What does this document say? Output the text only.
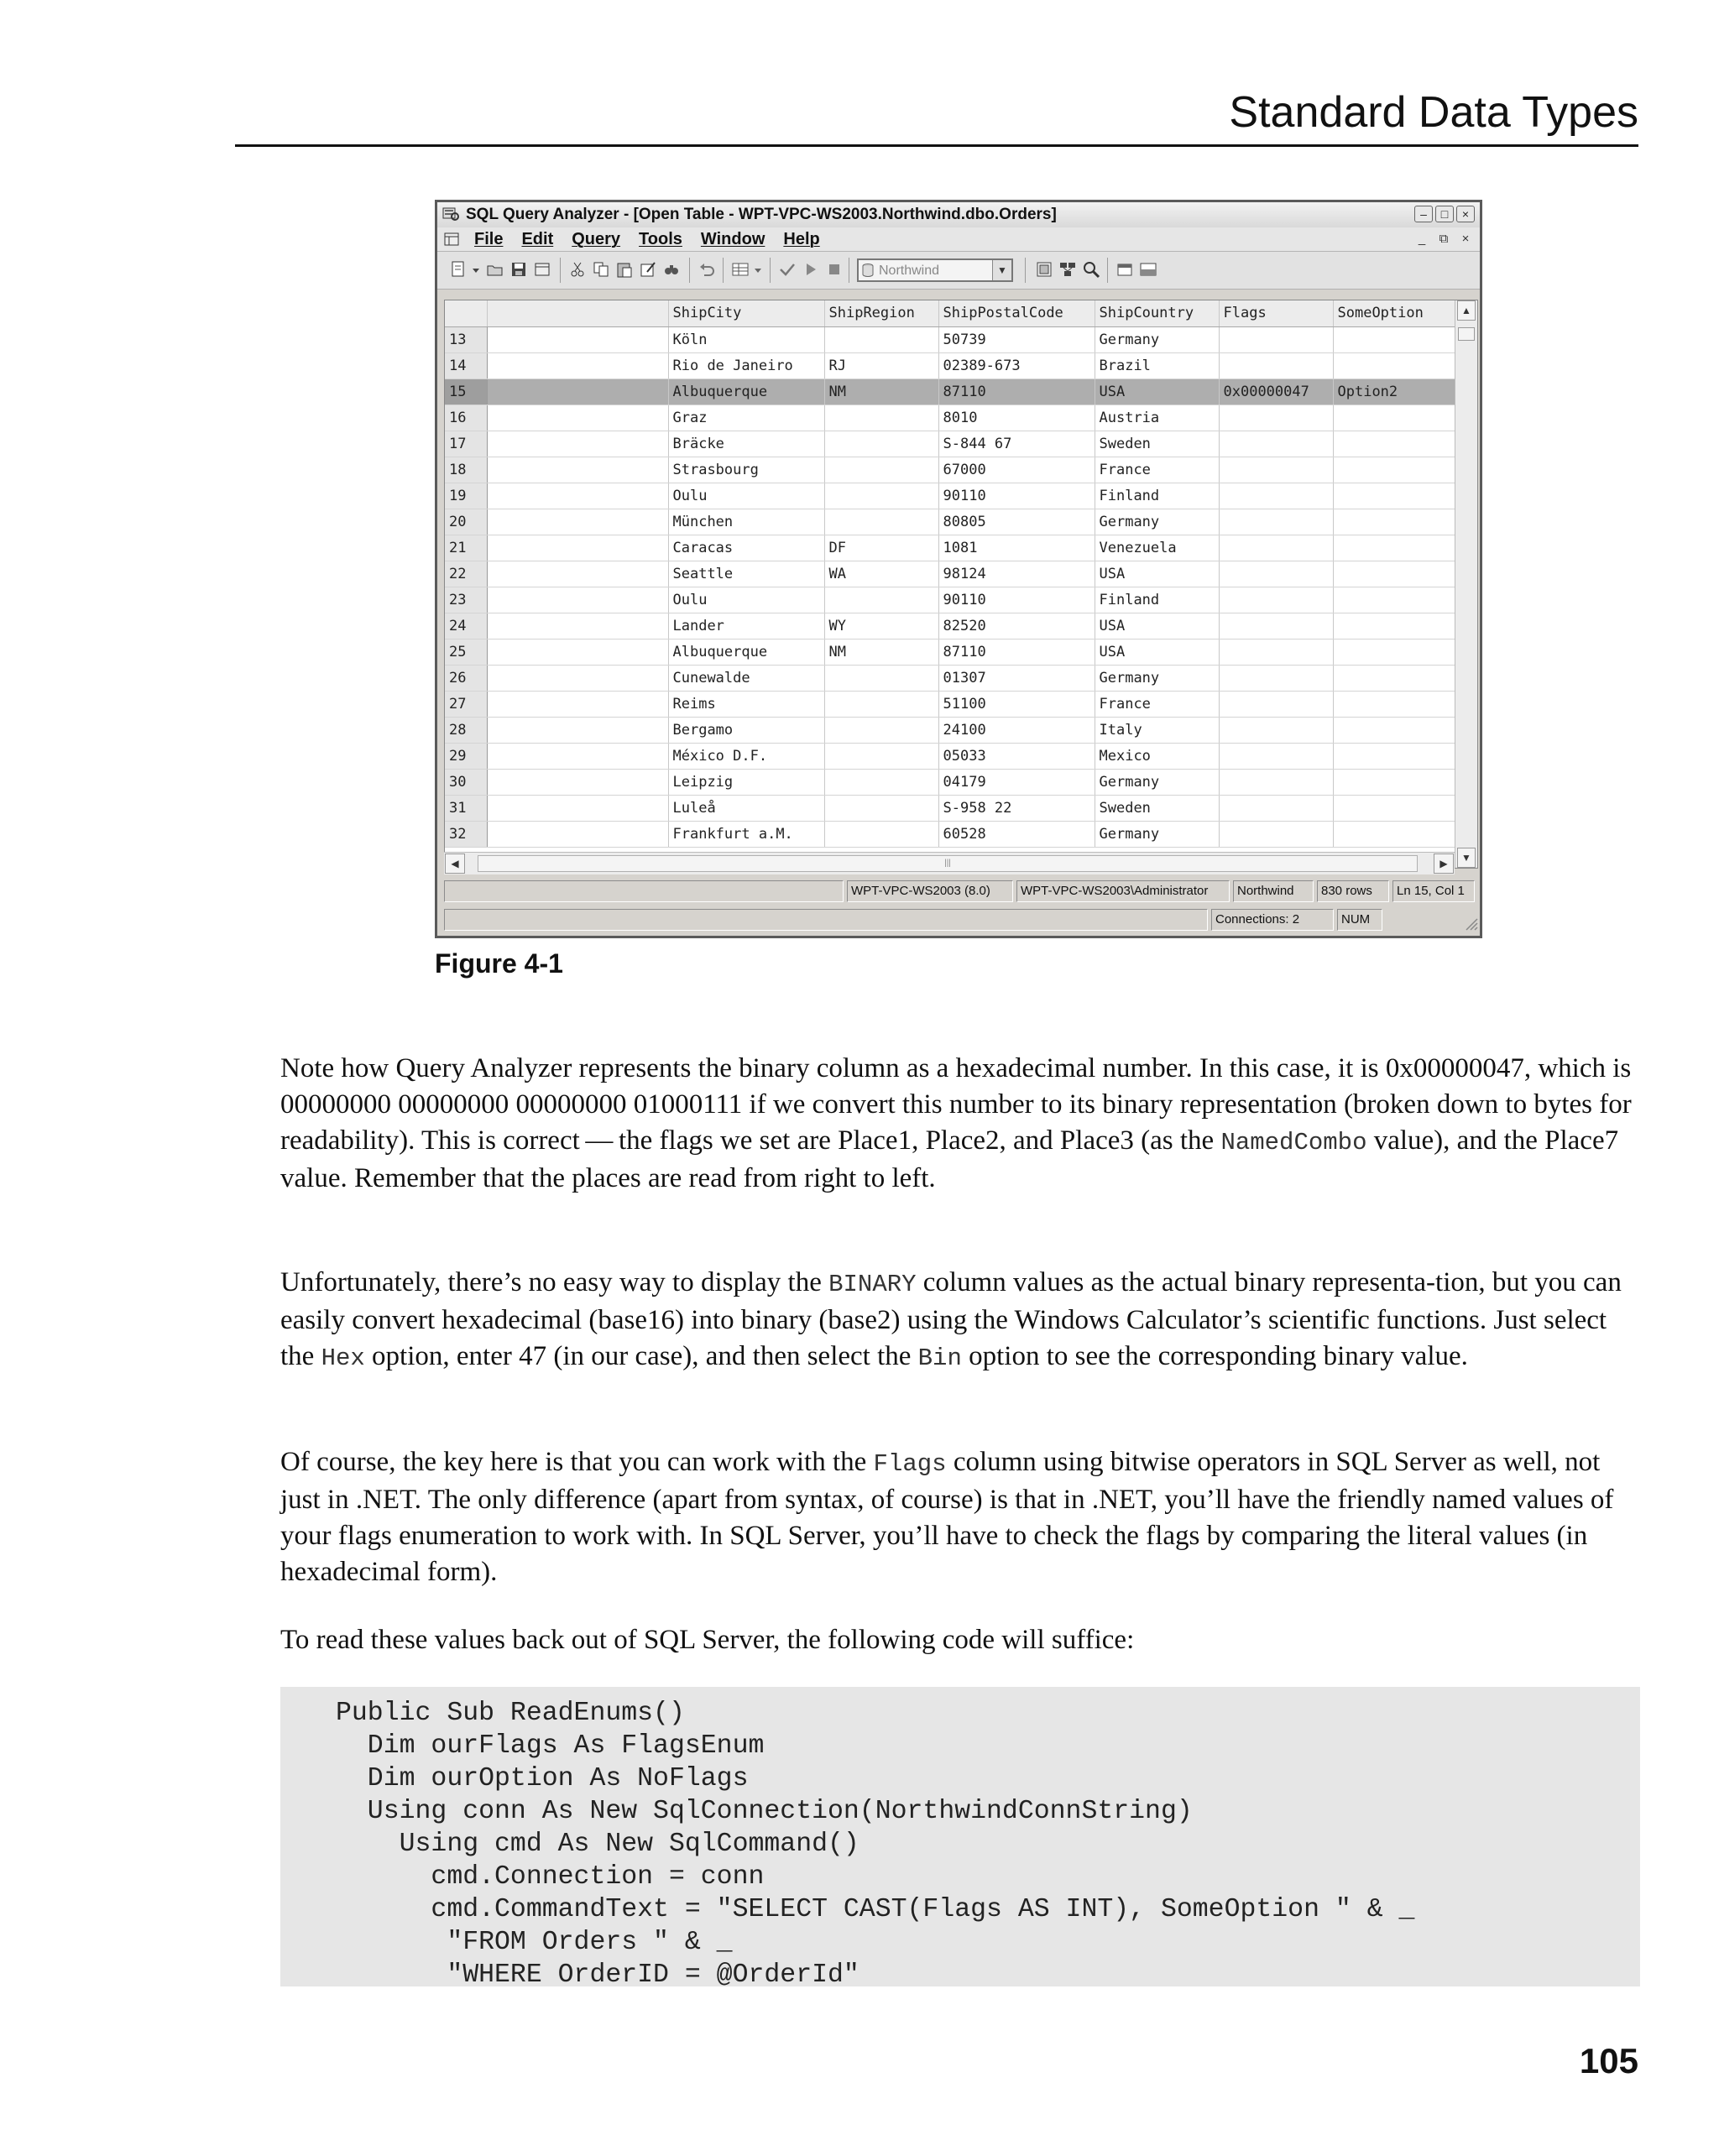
Standard Data Types
SQL Query Analyzer - [Open Table - WPT-VPC-WS2003.Northwind.dbo.Orders]	–	□	×
File Edit Query Tools Window Help	_	⧉	×
Northwind	▼
		ShipCity	ShipRegion	ShipPostalCode	ShipCountry	Flags	SomeOption
13		Köln		50739	Germany		
14		Rio de Janeiro	RJ	02389-673	Brazil		
15		Albuquerque	NM	87110	USA	0x00000047	Option2
16		Graz		8010	Austria		
17		Bräcke		S-844 67	Sweden		
18		Strasbourg		67000	France		
19		Oulu		90110	Finland		
20		München		80805	Germany		
21		Caracas	DF	1081	Venezuela		
22		Seattle	WA	98124	USA		
23		Oulu		90110	Finland		
24		Lander	WY	82520	USA		
25		Albuquerque	NM	87110	USA		
26		Cunewalde		01307	Germany		
27		Reims		51100	France		
28		Bergamo		24100	Italy		
29		México D.F.		05033	Mexico		
30		Leipzig		04179	Germany		
31		Luleå		S-958 22	Sweden		
32		Frankfurt a.M.		60528	Germany		
▲
▼
◀	|||	▶
WPT-VPC-WS2003 (8.0)	WPT-VPC-WS2003\Administrator	Northwind	830 rows	Ln 15, Col 1
Connections: 2	NUM
Figure 4-1

Note how Query Analyzer represents the binary column as a hexadecimal number. In this case, it is 0x00000047, which is 00000000 00000000 00000000 01000111 if we convert this number to its binary representation (broken down to bytes for readability). This is correct — the flags we set are Place1, Place2, and Place3 (as the NamedCombo value), and the Place7 value. Remember that the places are read from right to left.

Unfortunately, there’s no easy way to display the BINARY column values as the actual binary representa-tion, but you can easily convert hexadecimal (base16) into binary (base2) using the Windows Calculator’s scientific functions. Just select the Hex option, enter 47 (in our case), and then select the Bin option to see the corresponding binary value.

Of course, the key here is that you can work with the Flags column using bitwise operators in SQL Server as well, not just in .NET. The only difference (apart from syntax, of course) is that in .NET, you’ll have the friendly named values of your flags enumeration to work with. In SQL Server, you’ll have to check the flags by comparing the literal values (in hexadecimal form).

To read these values back out of SQL Server, the following code will suffice:

Public Sub ReadEnums()
Dim ourFlags As FlagsEnum
Dim ourOption As NoFlags
Using conn As New SqlConnection(NorthwindConnString)
Using cmd As New SqlCommand()
cmd.Connection = conn
cmd.CommandText = "SELECT CAST(Flags AS INT), SomeOption " & _
"FROM Orders " & _
"WHERE OrderID = @OrderId"
105
